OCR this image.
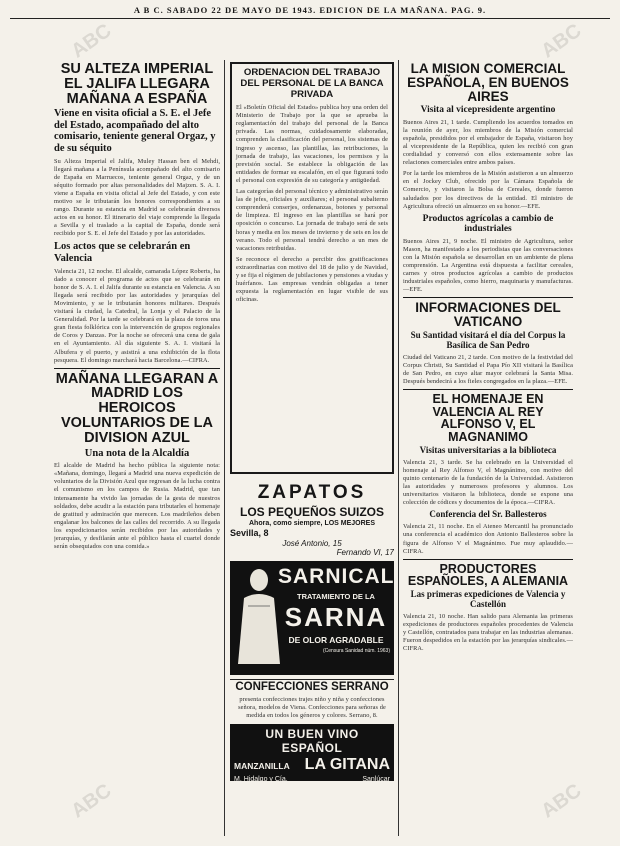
ABC	ABC
ABC	ABC
A B C. SABADO 22 DE MAYO DE 1943. EDICION DE LA MAÑANA. PAG. 9.
SU ALTEZA IMPERIAL EL JALIFA LLEGARA MAÑANA A ESPAÑA
Viene en visita oficial a S. E. el Jefe del Estado, acompañado del alto comisario, teniente general Orgaz, y de su séquito

Su Alteza Imperial el Jalifa, Muley Hassan ben el Mehdi, llegará mañana a la Península acompañado del alto comisario de España en Marruecos, teniente general Orgaz, y de un séquito formado por altas personalidades del Majzen. S. A. I. viene a España en visita oficial al Jefe del Estado, y con este motivo se le tributarán los honores correspondientes a su rango. Durante su estancia en Madrid se celebrarán diversos actos en su honor. El itinerario del viaje comprende la llegada a Sevilla y el traslado a la capital de España, donde será recibido por S. E. el Jefe del Estado y por las autoridades.

Los actos que se celebrarán en Valencia

Valencia 21, 12 noche. El alcalde, camarada López Roberts, ha dado a conocer el programa de actos que se celebrarán en honor de S. A. I. el Jalifa durante su estancia en Valencia. A su llegada será recibido por las autoridades y jerarquías del Movimiento, y se le tributarán honores militares. Después visitará la ciudad, la Catedral, la Lonja y el Palacio de la Generalidad. Por la tarde se celebrará en la plaza de toros una gran fiesta folklórica con la intervención de grupos regionales de Coros y Danzas. Por la noche se ofrecerá una cena de gala en el Ayuntamiento. Al día siguiente S. A. I. visitará la Albufera y el puerto, y asistirá a una exhibición de la flota pesquera. El domingo marchará hacia Barcelona.—CIFRA.

MAÑANA LLEGARAN A MADRID LOS HEROICOS VOLUNTARIOS DE LA DIVISION AZUL
Una nota de la Alcaldía

El alcalde de Madrid ha hecho pública la siguiente nota: «Mañana, domingo, llegará a Madrid una nueva expedición de voluntarios de la División Azul que regresan de la lucha contra el comunismo en los campos de Rusia. Madrid, que tan intensamente ha vivido las jornadas de la gesta de nuestros soldados, debe acudir a la estación para tributarles el homenaje de gratitud y admiración que merecen. Los madrileños deben engalanar los balcones de las calles del recorrido. A su llegada los expedicionarios serán recibidos por las autoridades y jerarquías, y desfilarán ante el público hasta el cuartel donde serán obsequiados con una comida.»

ORDENACION DEL TRABAJO DEL PERSONAL DE LA BANCA PRIVADA

El «Boletín Oficial del Estado» publica hoy una orden del Ministerio de Trabajo por la que se aprueba la reglamentación del trabajo del personal de la Banca privada. Las normas, cuidadosamente elaboradas, comprenden la clasificación del personal, los sistemas de ingreso y ascenso, las plantillas, las retribuciones, la jornada de trabajo, las vacaciones, los permisos y la previsión social. Se establece la obligación de las entidades de formar su escalafón, en el que figurará todo el personal con expresión de su categoría y antigüedad.

Las categorías del personal técnico y administrativo serán las de jefes, oficiales y auxiliares; el personal subalterno comprenderá conserjes, ordenanzas, botones y personal de limpieza. El ingreso en las plantillas se hará por oposición o concurso. La jornada de trabajo será de seis horas y media en los meses de invierno y de seis en los de verano. Todo el personal tendrá derecho a un mes de vacaciones retribuidas.

Se reconoce el derecho a percibir dos gratificaciones extraordinarias con motivo del 18 de julio y de Navidad, y se fija el régimen de jubilaciones y pensiones a viudas y huérfanos. Las empresas vendrán obligadas a tener expuesta la reglamentación en lugar visible de sus oficinas.

ZAPATOS
LOS PEQUEÑOS SUIZOS
Ahora, como siempre, LOS MEJORES
Sevilla, 8
José Antonio, 15
Fernando VI, 17
SARNICAL
TRATAMIENTO DE LA
SARNA
DE OLOR AGRADABLE
(Censura Sanidad núm. 1963)
CONFECCIONES SERRANO

presenta confecciones trajes niño y niña y confecciones señora, modelos de Viena. Confecciones para señoras de medida en todos los géneros y colores. Serrano, 8.

UN BUEN VINO ESPAÑOL
MANZANILLA LA GITANA
M. Hidalgo y Cía.	Sanlúcar
LA MISION COMERCIAL ESPAÑOLA, EN BUENOS AIRES
Visita al vicepresidente argentino

Buenos Aires 21, 1 tarde. Cumpliendo los acuerdos tomados en la reunión de ayer, los miembros de la Misión comercial española, presididos por el embajador de España, visitaron hoy al vicepresidente de la República, quien les recibió con gran cordialidad y conversó con ellos extensamente sobre las relaciones comerciales entre ambos países.

Por la tarde los miembros de la Misión asistieron a un almuerzo en el Jockey Club, ofrecido por la Cámara Española de Comercio, y visitaron la Bolsa de Cereales, donde fueron saludados por los directivos de la entidad. El ministro de Agricultura ofreció un almuerzo en su honor.—EFE.

Productos agrícolas a cambio de industriales

Buenos Aires 21, 9 noche. El ministro de Agricultura, señor Mason, ha manifestado a los periodistas que las conversaciones con la Misión española se desarrollan en un ambiente de plena comprensión. La Argentina está dispuesta a facilitar cereales, carnes y otros productos agrícolas a cambio de productos industriales españoles, como hierro, maquinaria y manufacturas.—EFE.

INFORMACIONES DEL VATICANO
Su Santidad visitará el día del Corpus la Basílica de San Pedro

Ciudad del Vaticano 21, 2 tarde. Con motivo de la festividad del Corpus Christi, Su Santidad el Papa Pío XII visitará la Basílica de San Pedro, en cuyo altar mayor celebrará la Santa Misa. Después bendecirá a los fieles congregados en la plaza.—EFE.

EL HOMENAJE EN VALENCIA AL REY ALFONSO V, EL MAGNANIMO
Visitas universitarias a la biblioteca

Valencia 21, 3 tarde. Se ha celebrado en la Universidad el homenaje al Rey Alfonso V, el Magnánimo, con motivo del quinto centenario de la fundación de la Universidad. Asistieron las autoridades y numerosos profesores y alumnos. Los universitarios visitaron la biblioteca, donde se expone una colección de códices y documentos de la época.—CIFRA.

Conferencia del Sr. Ballesteros

Valencia 21, 11 noche. En el Ateneo Mercantil ha pronunciado una conferencia el académico don Antonio Ballesteros sobre la figura de Alfonso V el Magnánimo. Fue muy aplaudido.—CIFRA.

PRODUCTORES ESPAÑOLES, A ALEMANIA
Las primeras expediciones de Valencia y Castellón

Valencia 21, 10 noche. Han salido para Alemania las primeras expediciones de productores españoles procedentes de Valencia y Castellón, contratados para trabajar en las industrias alemanas. Fueron despedidos en la estación por las jerarquías sindicales.—CIFRA.
